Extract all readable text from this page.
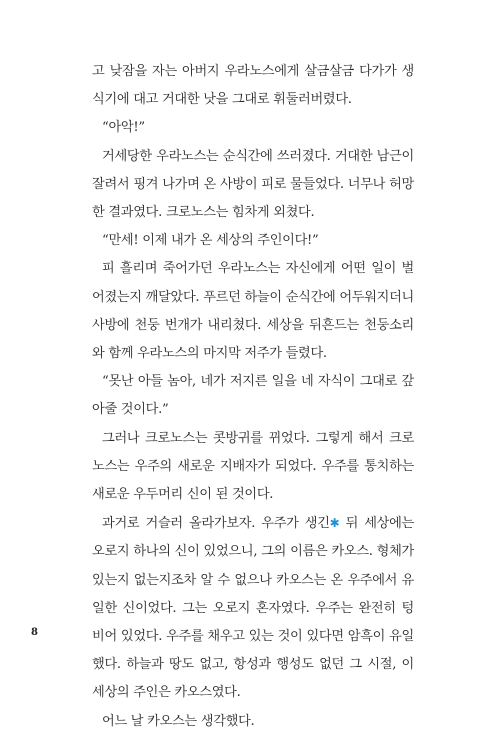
고 낮잠을 자는 아버지 우라노스에게 살금살금 다가가 생식기에 대고 거대한 낫을 그대로 휘둘러버렸다.

“아악!”

거세당한 우라노스는 순식간에 쓰러졌다. 거대한 남근이 잘려서 핑겨 나가며 온 사방이 피로 물들었다. 너무나 허망한 결과였다. 크로노스는 힘차게 외쳤다.

“만세! 이제 내가 온 세상의 주인이다!”

피 흘리며 죽어가던 우라노스는 자신에게 어떤 일이 벌어졌는지 깨달았다. 푸르던 하늘이 순식간에 어두워지더니 사방에 천둥 번개가 내리쳤다. 세상을 뒤흔드는 천둥소리와 함께 우라노스의 마지막 저주가 들렸다.

“못난 아들 놈아, 네가 저지른 일을 네 자식이 그대로 갚아줄 것이다.”

그러나 크로노스는 콧방귀를 뀌었다. 그렇게 해서 크로노스는 우주의 새로운 지배자가 되었다. 우주를 통치하는 새로운 우두머리 신이 된 것이다.

과거로 거슬러 올라가보자. 우주가 생긴✱ 뒤 세상에는 오로지 하나의 신이 있었으니, 그의 이름은 카오스. 형체가 있는지 없는지조차 알 수 없으나 카오스는 온 우주에서 유일한 신이었다. 그는 오로지 혼자였다. 우주는 완전히 텅 비어 있었다. 우주를 채우고 있는 것이 있다면 암흑이 유일했다. 하늘과 땅도 없고, 항성과 행성도 없던 그 시절, 이 세상의 주인은 카오스였다.

어느 날 카오스는 생각했다.

8
